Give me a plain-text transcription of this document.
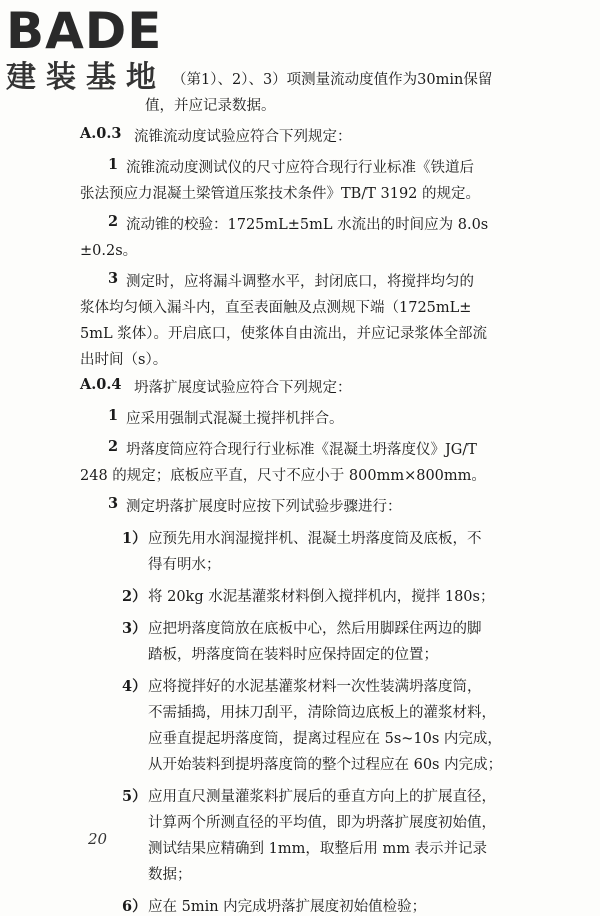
BADE
建装基地 （第1）、2）、3）项测量流动度值作为30min保留
值，并应记录数据。
A.0.3 流锥流动度试验应符合下列规定：
1 流锥流动度测试仪的尺寸应符合现行行业标准《铁道后
张法预应力混凝土梁管道压浆技术条件》TB/T 3192 的规定。
2 流动锥的校验：1725mL±5mL 水流出的时间应为 8.0s
±0.2s。
3 测定时，应将漏斗调整水平，封闭底口，将搅拌均匀的
浆体均匀倾入漏斗内，直至表面触及点测规下端（1725mL±
5mL 浆体）。开启底口，使浆体自由流出，并应记录浆体全部流
出时间（s）。
A.0.4 坍落扩展度试验应符合下列规定：
1 应采用强制式混凝土搅拌机拌合。
2 坍落度筒应符合现行行业标准《混凝土坍落度仪》JG/T
248 的规定；底板应平直，尺寸不应小于 800mm×800mm。
3 测定坍落扩展度时应按下列试验步骤进行：
1） 应预先用水润湿搅拌机、混凝土坍落度筒及底板，不
得有明水；
2） 将 20kg 水泥基灌浆材料倒入搅拌机内，搅拌 180s；
3） 应把坍落度筒放在底板中心，然后用脚踩住两边的脚
踏板，坍落度筒在装料时应保持固定的位置；
4） 应将搅拌好的水泥基灌浆材料一次性装满坍落度筒，
不需插捣，用抹刀刮平，清除筒边底板上的灌浆材料，
应垂直提起坍落度筒，提离过程应在 5s~10s 内完成，
从开始装料到提坍落度筒的整个过程应在 60s 内完成；
5） 应用直尺测量灌浆料扩展后的垂直方向上的扩展直径，
计算两个所测直径的平均值，即为坍落扩展度初始值，
测试结果应精确到 1mm，取整后用 mm 表示并记录
数据；
6） 应在 5min 内完成坍落扩展度初始值检验；
20
